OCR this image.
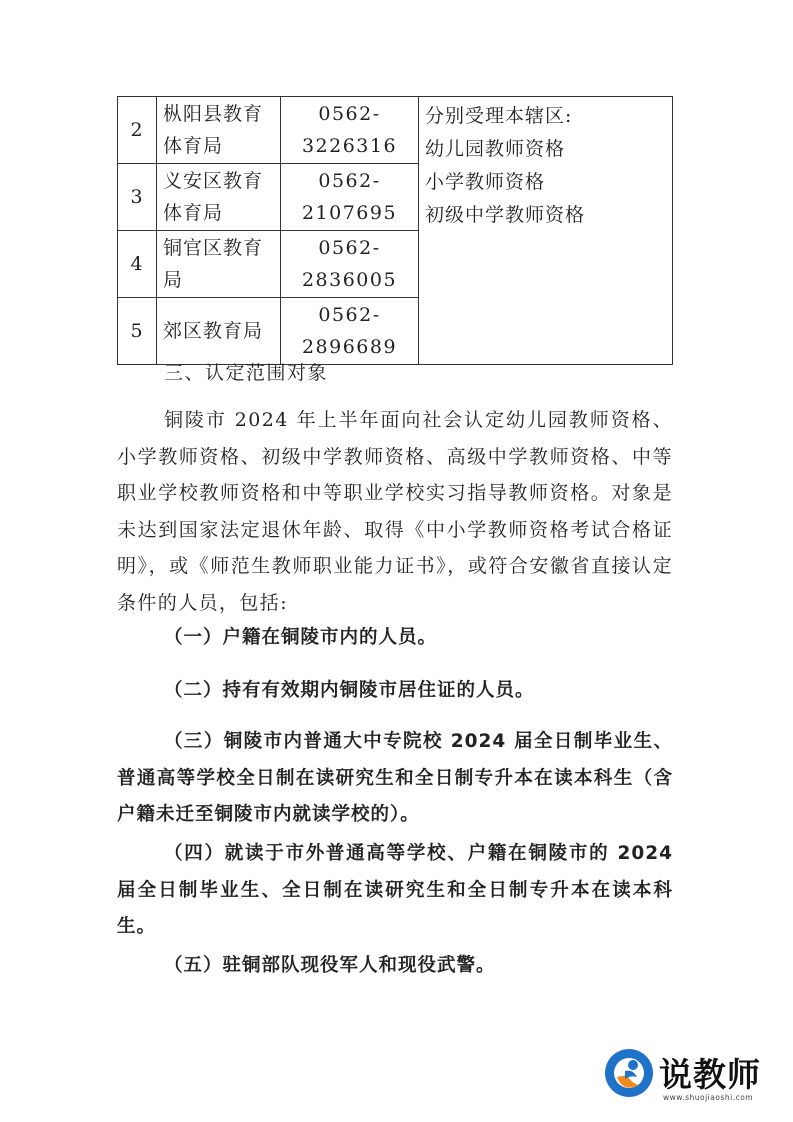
2	枞阳县教育体育局	0562-3226316	分别受理本辖区:
幼儿园教师资格
小学教师资格
初级中学教师资格

3	义安区教育体育局	0562-2107695	
4	铜官区教育局	0562-2836005	
5	郊区教育局	0562-2896689	

三、认定范围对象

铜陵市 2024 年上半年面向社会认定幼儿园教师资格、小学教师资格、初级中学教师资格、高级中学教师资格、中等职业学校教师资格和中等职业学校实习指导教师资格。对象是未达到国家法定退休年龄、取得《中小学教师资格考试合格证明》，或《师范生教师职业能力证书》，或符合安徽省直接认定条件的人员，包括:

（一）户籍在铜陵市内的人员。

（二）持有有效期内铜陵市居住证的人员。

（三）铜陵市内普通大中专院校 2024 届全日制毕业生、普通高等学校全日制在读研究生和全日制专升本在读本科生（含户籍未迁至铜陵市内就读学校的）。

（四）就读于市外普通高等学校、户籍在铜陵市的 2024 届全日制毕业生、全日制在读研究生和全日制专升本在读本科生。

（五）驻铜部队现役军人和现役武警。

说教师
www.shuojiaoshi.com
